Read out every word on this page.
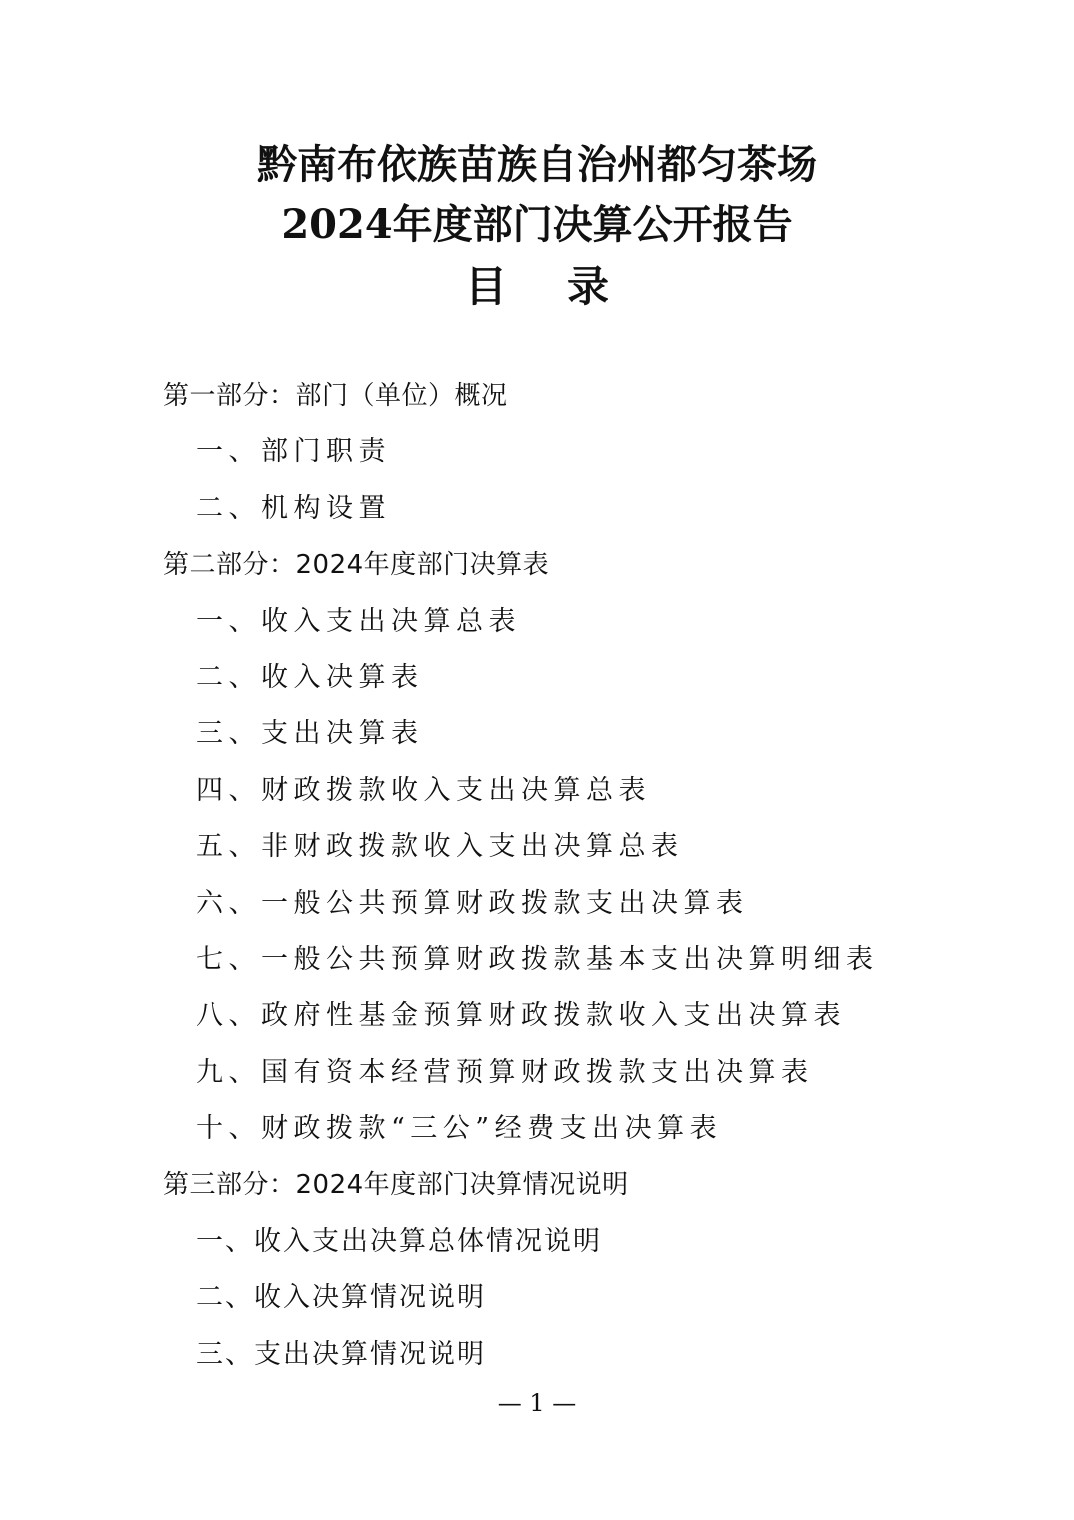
黔南布依族苗族自治州都匀茶场
2024年度部门决算公开报告
目录
第一部分：部门（单位）概况
一、部门职责
二、机构设置
第二部分：2024年度部门决算表
一、收入支出决算总表
二、收入决算表
三、支出决算表
四、财政拨款收入支出决算总表
五、非财政拨款收入支出决算总表
六、一般公共预算财政拨款支出决算表
七、一般公共预算财政拨款基本支出决算明细表
八、政府性基金预算财政拨款收入支出决算表
九、国有资本经营预算财政拨款支出决算表
十、财政拨款“三公”经费支出决算表
第三部分：2024年度部门决算情况说明
一、收入支出决算总体情况说明
二、收入决算情况说明
三、支出决算情况说明
— 1 —
